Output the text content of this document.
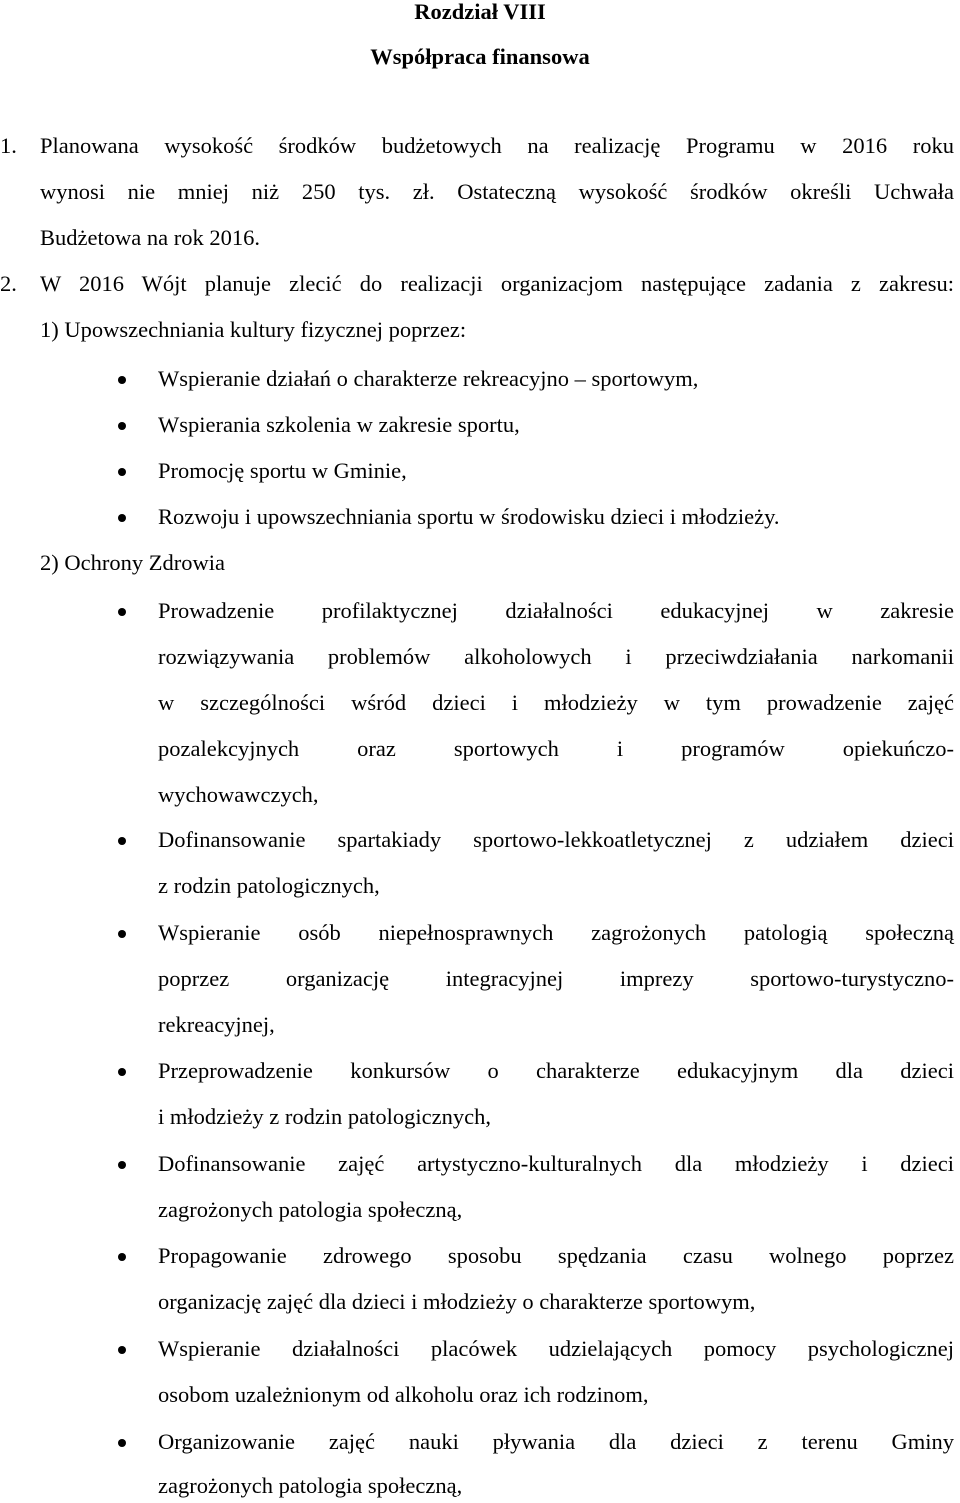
Rozdział VIII
Współpraca finansowa
1. Planowana wysokość środków budżetowych na realizację Programu w 2016 roku
wynosi nie mniej niż 250 tys. zł. Ostateczną wysokość środków określi Uchwała
Budżetowa na rok 2016.
2. W 2016 Wójt planuje zlecić do realizacji organizacjom następujące zadania z zakresu:
1) Upowszechniania kultury fizycznej poprzez:
Wspieranie działań o charakterze rekreacyjno – sportowym,
Wspierania szkolenia w zakresie sportu,
Promocję sportu w Gminie,
Rozwoju i upowszechniania sportu w środowisku dzieci i młodzieży.
2) Ochrony Zdrowia
Prowadzenie profilaktycznej działalności edukacyjnej w zakresie
rozwiązywania problemów alkoholowych i przeciwdziałania narkomanii
w szczególności wśród dzieci i młodzieży w tym prowadzenie zajęć
pozalekcyjnych oraz sportowych i programów opiekuńczo-
wychowawczych,
Dofinansowanie spartakiady sportowo-lekkoatletycznej z udziałem dzieci
z rodzin patologicznych,
Wspieranie osób niepełnosprawnych zagrożonych patologią społeczną
poprzez organizację integracyjnej imprezy sportowo-turystyczno-
rekreacyjnej,
Przeprowadzenie konkursów o charakterze edukacyjnym dla dzieci
i młodzieży z rodzin patologicznych,
Dofinansowanie zajęć artystyczno-kulturalnych dla młodzieży i dzieci
zagrożonych patologia społeczną,
Propagowanie zdrowego sposobu spędzania czasu wolnego poprzez
organizację zajęć dla dzieci i młodzieży o charakterze sportowym,
Wspieranie działalności placówek udzielających pomocy psychologicznej
osobom uzależnionym od alkoholu oraz ich rodzinom,
Organizowanie zajęć nauki pływania dla dzieci z terenu Gminy
zagrożonych patologia społeczną,
